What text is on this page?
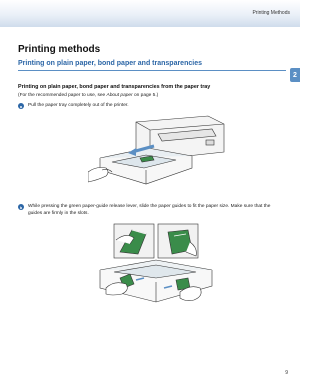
Printing Methods
2
Printing methods
Printing on plain paper, bond paper and transparencies
Printing on plain paper, bond paper and transparencies from the paper tray
(For the recommended paper to use, see About paper on page 5.)
a	Pull the paper tray completely out of the printer.
b	While pressing the green paper-guide release lever, slide the paper guides to fit the paper size. Make sure that the guides are firmly in the slots.
9
